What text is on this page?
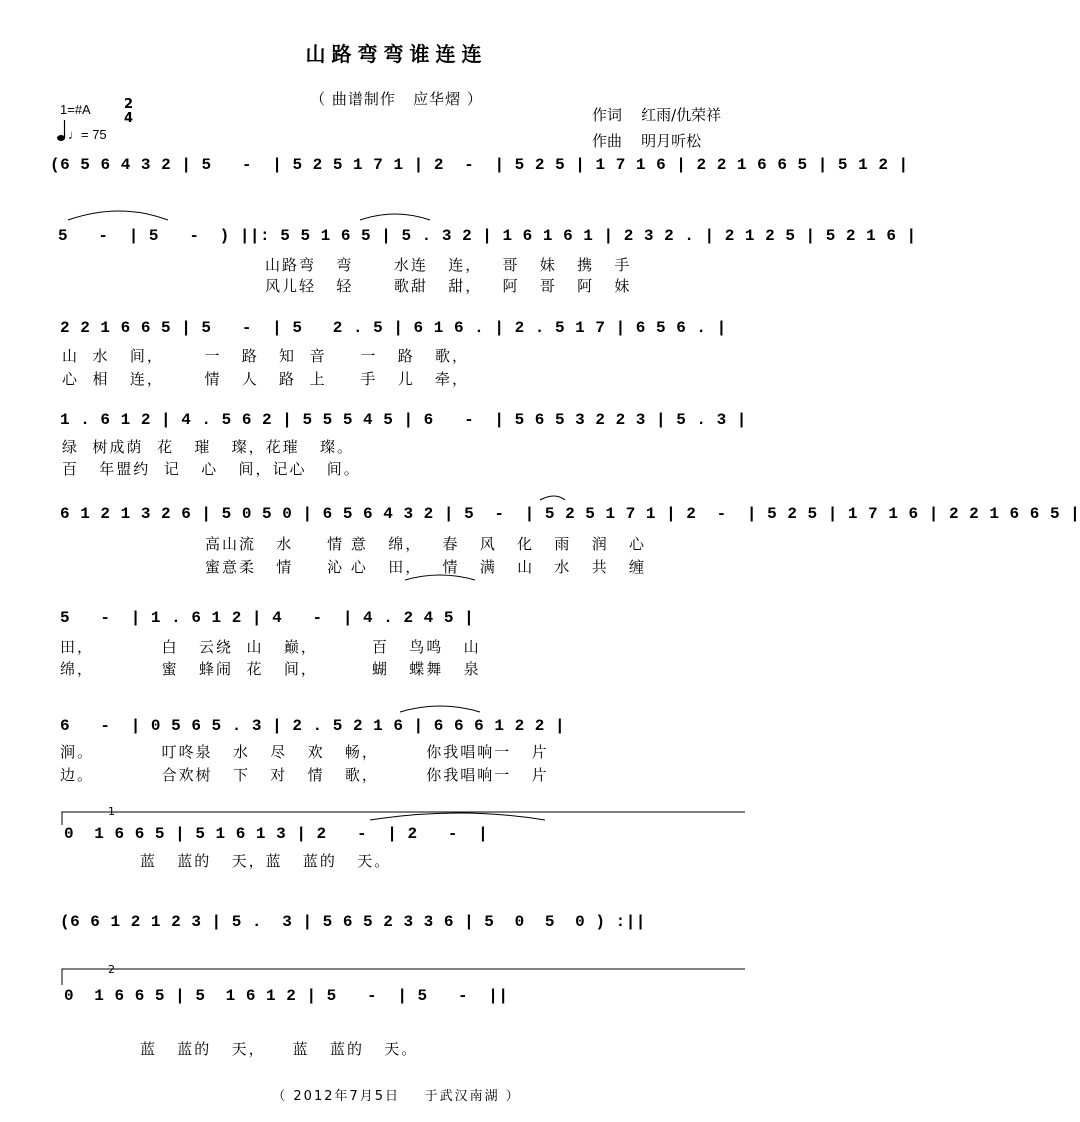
山路弯弯谁连连
（ 曲谱制作   应华熠 ）
1=#A	2
4
♩= 75
作词    红雨/仇荣祥
作曲    明月听松
(6 5 6 4 3 2 | 5   -  | 5 2 5 1 7 1 | 2  -  | 5 2 5 | 1 7 1 6 | 2 2 1 6 6 5 | 5 1 2 |
5   -  | 5   -  ) ||: 5 5 1 6 5 | 5 . 3 2 | 1 6 1 6 1 | 2 3 2 . | 2 1 2 5 | 5 2 1 6 |
山路弯   弯      水连   连，   哥   妹   携   手
风儿轻   轻      歌甜   甜，   阿   哥   阿   妹
2 2 1 6 6 5 | 5   -  | 5   2 . 5 | 6 1 6 . | 2 . 5 1 7 | 6 5 6 . |
山  水   间，      一   路   知  音     一   路   歌，
心  相   连，      情   人   路  上     手   儿   牵，
1 . 6 1 2 | 4 . 5 6 2 | 5 5 5 4 5 | 6   -  | 5 6 5 3 2 2 3 | 5 . 3 |
绿  树成荫  花   璀   璨，花璀   璨。
百   年盟约  记   心   间，记心   间。
6 1 2 1 3 2 6 | 5 0 5 0 | 6 5 6 4 3 2 | 5  -  | 5 2 5 1 7 1 | 2  -  | 5 2 5 | 1 7 1 6 | 2 2 1 6 6 5 |
高山流   水     情 意   绵，   春   风   化   雨   润   心
蜜意柔   情     沁 心   田，   情   满   山   水   共   缠
5   -  | 1 . 6 1 2 | 4   -  | 4 . 2 4 5 |
田，          白   云绕  山   巅，        百   鸟鸣   山
绵，          蜜   蜂闹  花   间，        蝴   蝶舞   泉
6   -  | 0 5 6 5 . 3 | 2 . 5 2 1 6 | 6 6 6 1 2 2 |
涧。          叮咚泉   水   尽   欢   畅，       你我唱响一   片
边。          合欢树   下   对   情   歌，       你我唱响一   片
1
0  1 6 6 5 | 5 1 6 1 3 | 2   -  | 2   -  |
蓝   蓝的   天，蓝   蓝的   天。
(6 6 1 2 1 2 3 | 5 .  3 | 5 6 5 2 3 3 6 | 5  0  5  0 ) :||
2
0  1 6 6 5 | 5  1 6 1 2 | 5   -  | 5   -  ||
蓝   蓝的   天，    蓝   蓝的   天。
（ 2012年7月5日    于武汉南湖 ）
